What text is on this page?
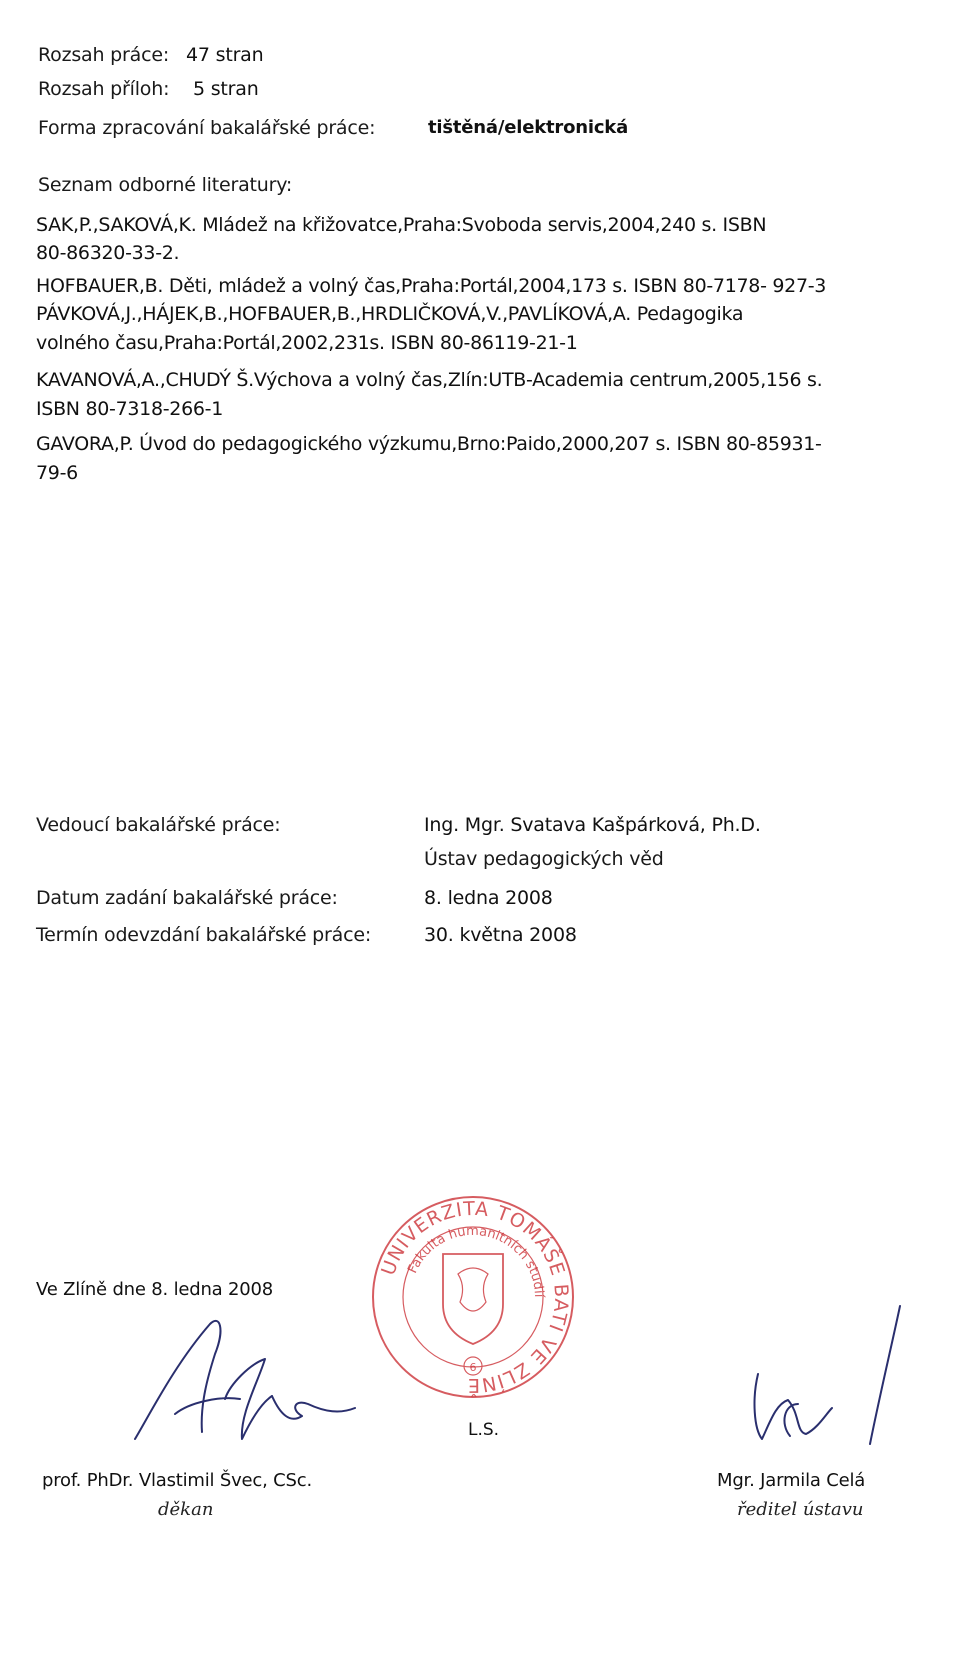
Rozsah práce: 47 stran
Rozsah příloh: 5 stran
Forma zpracování bakalářské práce:	tištěná/elektronická
Seznam odborné literatury:
SAK,P.,SAKOVÁ,K. Mládež na křižovatce,Praha:Svoboda servis,2004,240 s. ISBN
80-86320-33-2.
HOFBAUER,B. Děti, mládež a volný čas,Praha:Portál,2004,173 s. ISBN 80-7178- 927-3
PÁVKOVÁ,J.,HÁJEK,B.,HOFBAUER,B.,HRDLIČKOVÁ,V.,PAVLÍKOVÁ,A. Pedagogika
volného času,Praha:Portál,2002,231s. ISBN 80-86119-21-1
KAVANOVÁ,A.,CHUDÝ Š.Výchova a volný čas,Zlín:UTB-Academia centrum,2005,156 s.
ISBN 80-7318-266-1
GAVORA,P. Úvod do pedagogického výzkumu,Brno:Paido,2000,207 s. ISBN 80-85931-
79-6
Vedoucí bakalářské práce:	Ing. Mgr. Svatava Kašpárková, Ph.D.
Ústav pedagogických věd
Datum zadání bakalářské práce:	8. ledna 2008
Termín odevzdání bakalářské práce:	30. května 2008
Ve Zlíně dne 8. ledna 2008
UNIVERZITA TOMÁŠE BATI VE ZLÍNĚ
Fakulta humanitních studií
6
L.S.
prof. PhDr. Vlastimil Švec, CSc.
děkan
Mgr. Jarmila Celá
ředitel ústavu
